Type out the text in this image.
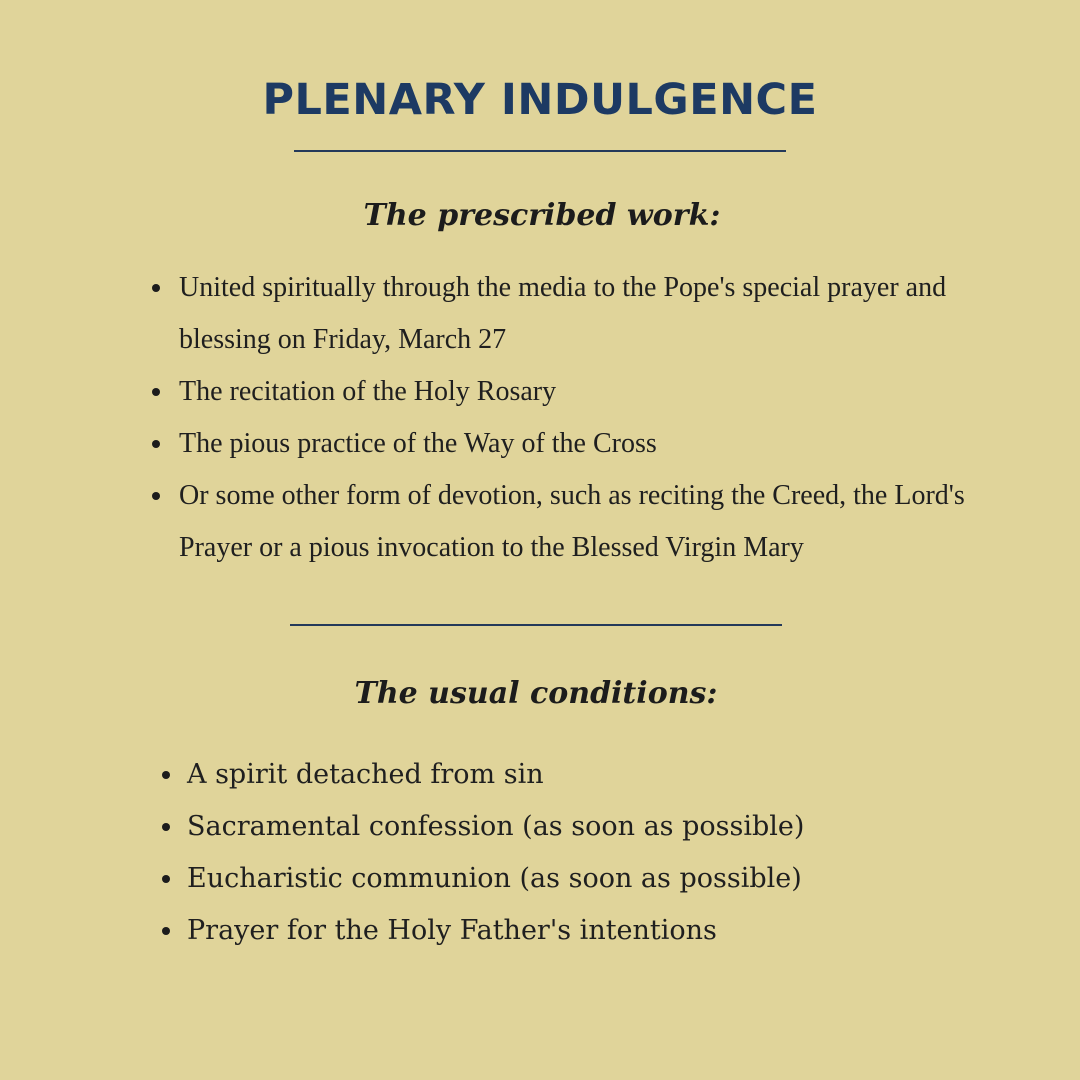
PLENARY INDULGENCE
The prescribed work:
United spiritually through the media to the Pope's special prayer and blessing on Friday, March 27
The recitation of the Holy Rosary
The pious practice of the Way of the Cross
Or some other form of devotion, such as reciting the Creed, the Lord's Prayer or a pious invocation to the Blessed Virgin Mary
The usual conditions:
A spirit detached from sin
Sacramental confession (as soon as possible)
Eucharistic communion (as soon as possible)
Prayer for the Holy Father's intentions
